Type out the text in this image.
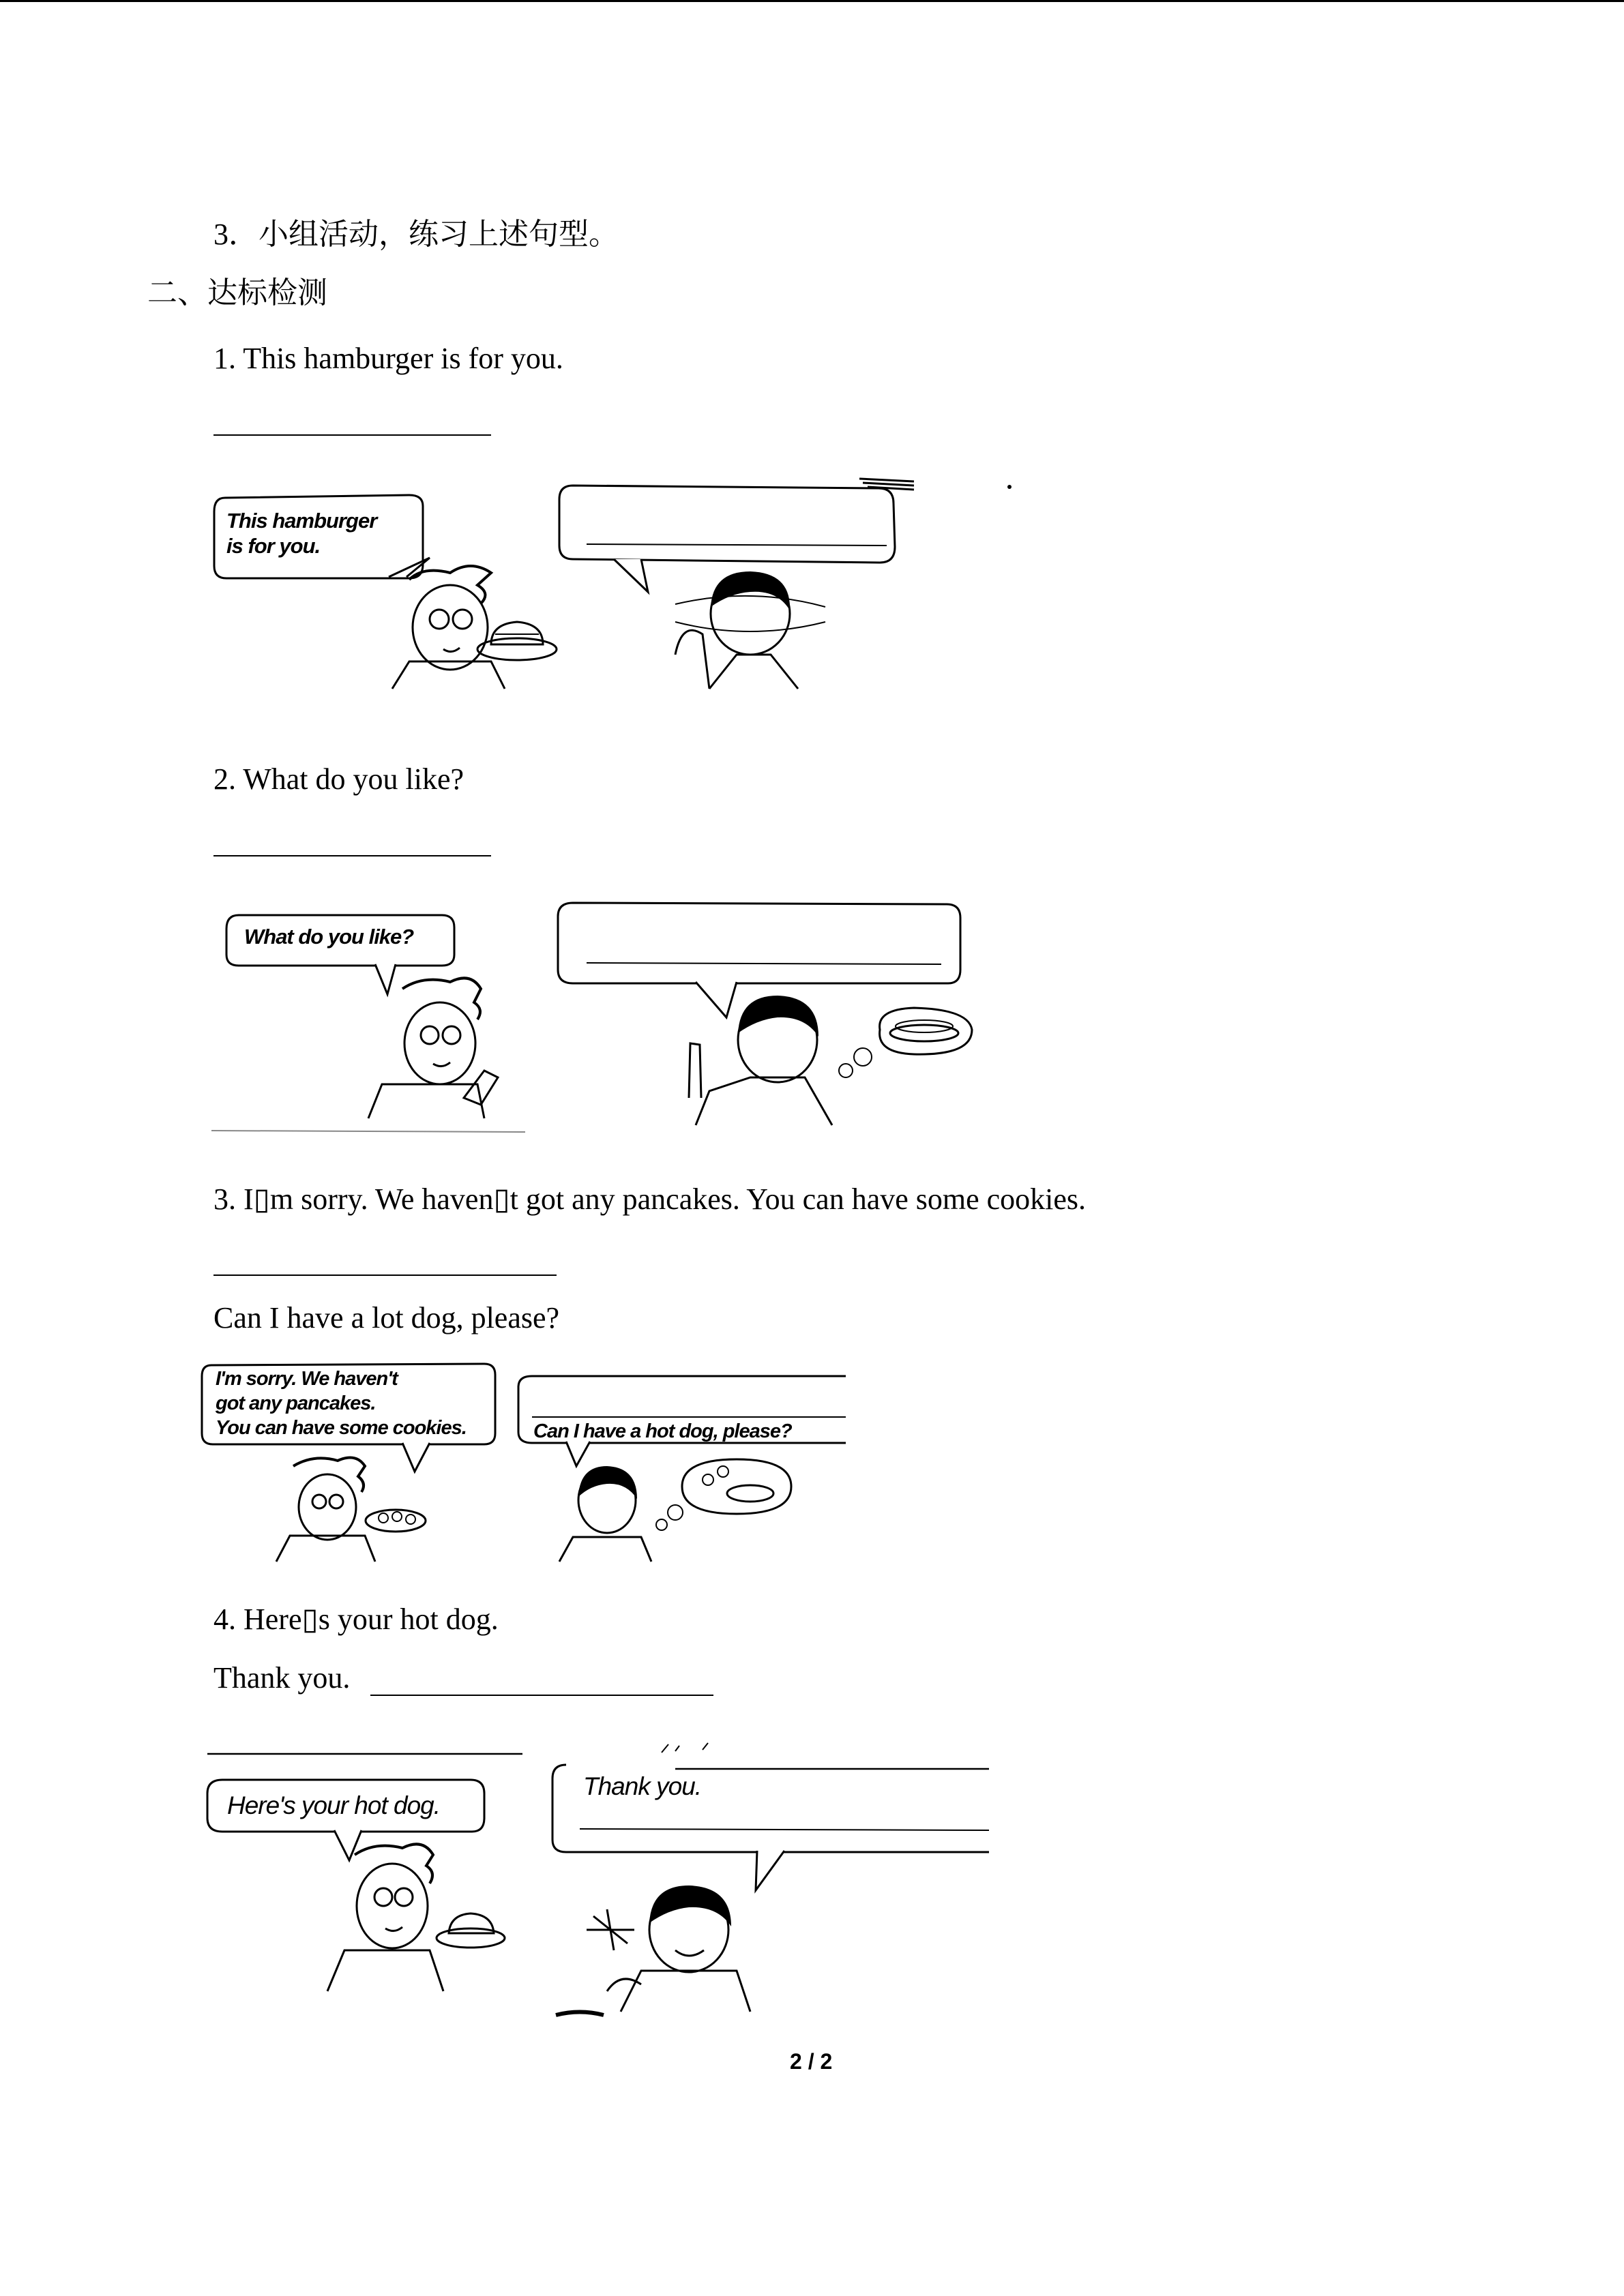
3．小组活动，练习上述句型。
二、达标检测
1. This hamburger is for you.
This hamburger
is for you.
2. What do you like?
What do you like?
3. I▯m sorry. We haven▯t got any pancakes. You can have some cookies.
Can I have a lot dog, please?
I'm sorry. We haven't
got any pancakes.
You can have some cookies.	Can I have a hot dog, please?
4. Here▯s your hot dog.
Thank you.
Here's your hot dog.
Thank you.
2 / 2
